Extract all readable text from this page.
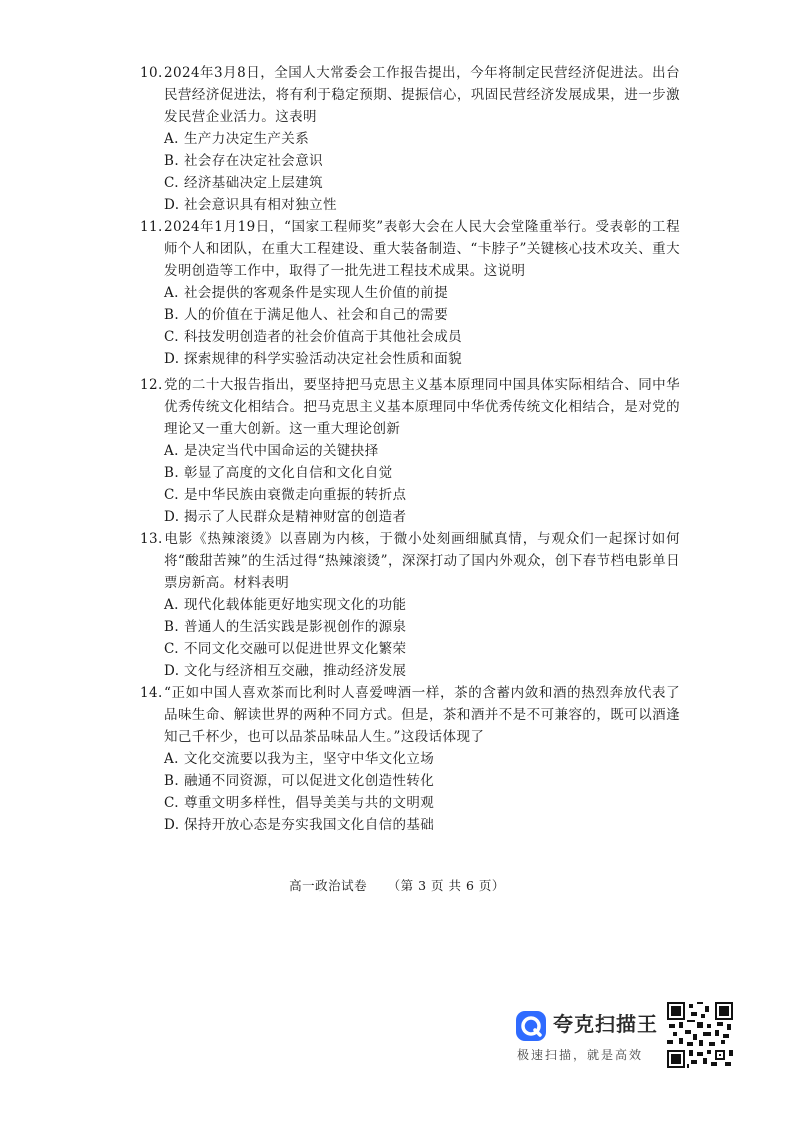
10.2024年3月8日，全国人大常委会工作报告提出，今年将制定民营经济促进法。出台民营经济促进法，将有利于稳定预期、提振信心，巩固民营经济发展成果，进一步激发民营企业活力。这表明
A. 生产力决定生产关系
B. 社会存在决定社会意识
C. 经济基础决定上层建筑
D. 社会意识具有相对独立性
11.2024年1月19日，“国家工程师奖”表彰大会在人民大会堂隆重举行。受表彰的工程师个人和团队，在重大工程建设、重大装备制造、“卡脖子”关键核心技术攻关、重大发明创造等工作中，取得了一批先进工程技术成果。这说明
A. 社会提供的客观条件是实现人生价值的前提
B. 人的价值在于满足他人、社会和自己的需要
C. 科技发明创造者的社会价值高于其他社会成员
D. 探索规律的科学实验活动决定社会性质和面貌
12.党的二十大报告指出，要坚持把马克思主义基本原理同中国具体实际相结合、同中华优秀传统文化相结合。把马克思主义基本原理同中华优秀传统文化相结合，是对党的理论又一重大创新。这一重大理论创新
A. 是决定当代中国命运的关键抉择
B. 彰显了高度的文化自信和文化自觉
C. 是中华民族由衰微走向重振的转折点
D. 揭示了人民群众是精神财富的创造者
13.电影《热辣滚烫》以喜剧为内核，于微小处刻画细腻真情，与观众们一起探讨如何将“酸甜苦辣”的生活过得“热辣滚烫”，深深打动了国内外观众，创下春节档电影单日票房新高。材料表明
A. 现代化载体能更好地实现文化的功能
B. 普通人的生活实践是影视创作的源泉
C. 不同文化交融可以促进世界文化繁荣
D. 文化与经济相互交融，推动经济发展
14.“正如中国人喜欢茶而比利时人喜爱啤酒一样，茶的含蓄内敛和酒的热烈奔放代表了品味生命、解读世界的两种不同方式。但是，茶和酒并不是不可兼容的，既可以酒逢知己千杯少，也可以品茶品味品人生。”这段话体现了
A. 文化交流要以我为主，坚守中华文化立场
B. 融通不同资源，可以促进文化创造性转化
C. 尊重文明多样性，倡导美美与共的文明观
D. 保持开放心态是夯实我国文化自信的基础
高一政治试卷 （第 3 页 共 6 页）
夸克扫描王
极速扫描，就是高效
